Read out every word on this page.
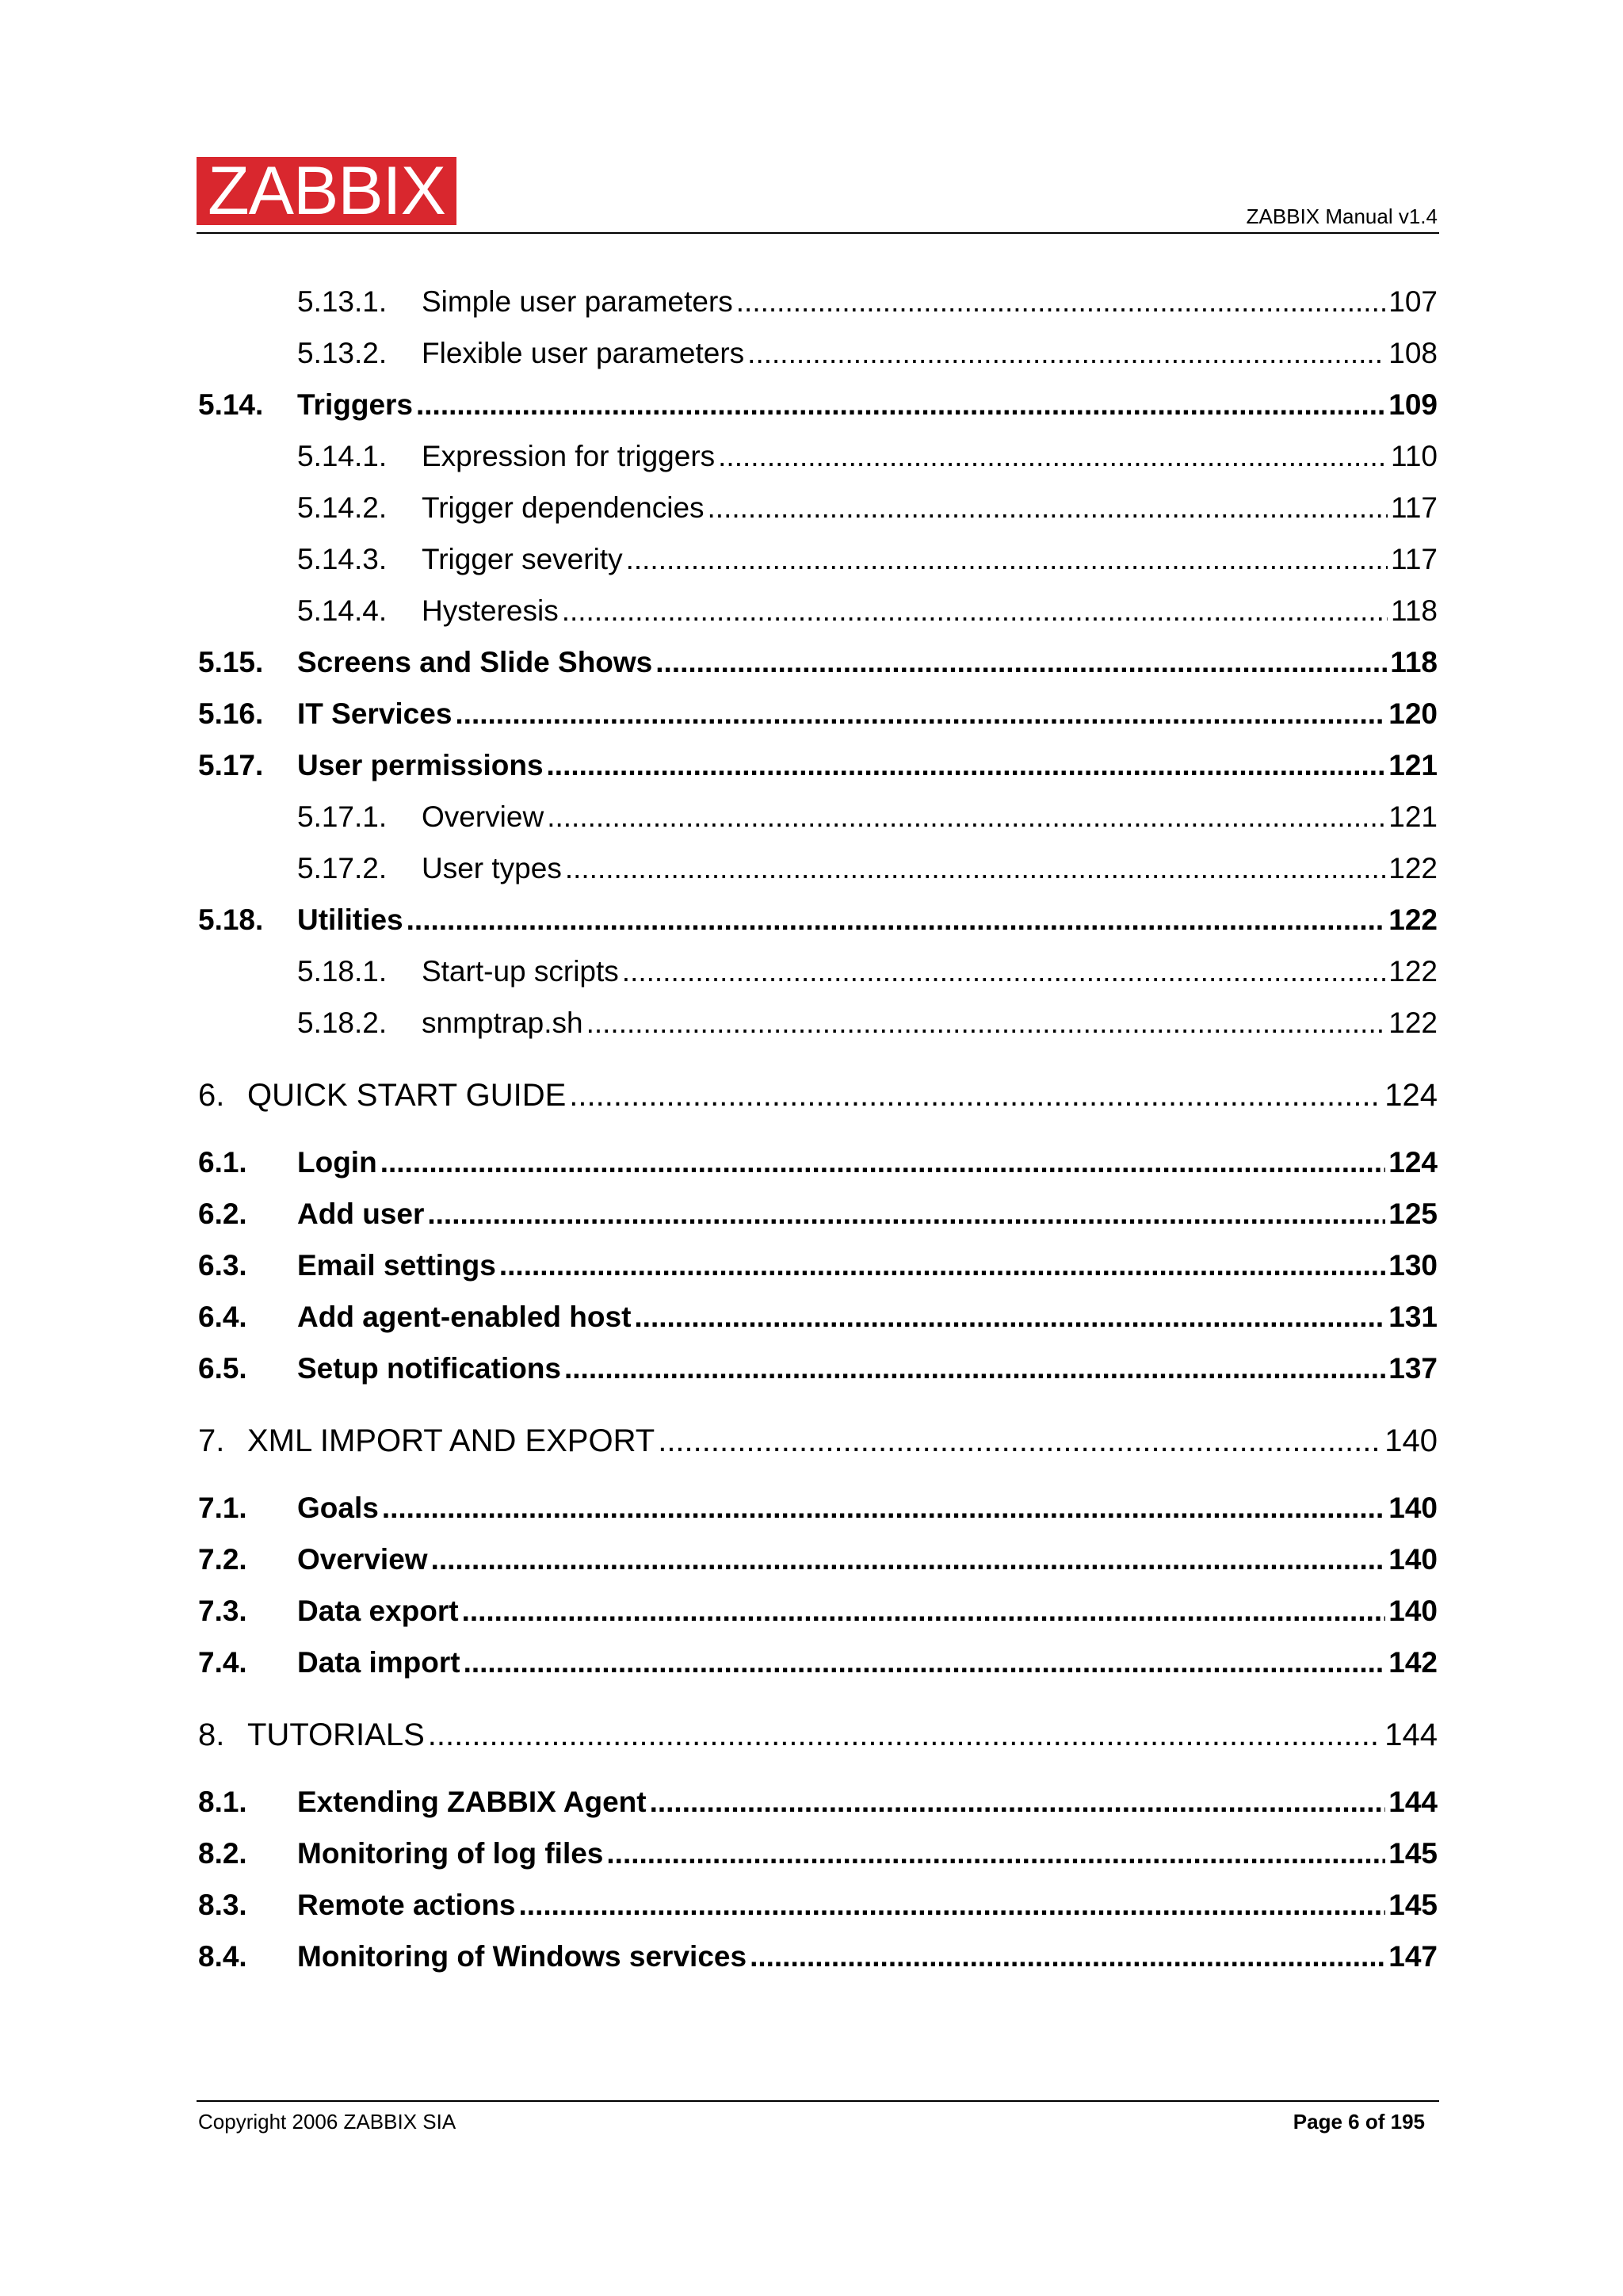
ZABBIX	ZABBIX Manual v1.4
5.13.1.	Simple user parameters .....	107
5.13.2.	Flexible user parameters .....	108
5.14.	Triggers .....	109
5.14.1.	Expression for triggers .....	110
5.14.2.	Trigger dependencies .....	117
5.14.3.	Trigger severity .....	117
5.14.4.	Hysteresis .....	118
5.15.	Screens and Slide Shows .....	118
5.16.	IT Services .....	120
5.17.	User permissions .....	121
5.17.1.	Overview .....	121
5.17.2.	User types .....	122
5.18.	Utilities .....	122
5.18.1.	Start-up scripts .....	122
5.18.2.	snmptrap.sh .....	122
6. QUICK START GUIDE .....	124
6.1.	Login .....	124
6.2.	Add user .....	125
6.3.	Email settings .....	130
6.4.	Add agent-enabled host .....	131
6.5.	Setup notifications .....	137
7. XML IMPORT AND EXPORT .....	140
7.1.	Goals .....	140
7.2.	Overview .....	140
7.3.	Data export .....	140
7.4.	Data import .....	142
8. TUTORIALS .....	144
8.1.	Extending ZABBIX Agent .....	144
8.2.	Monitoring of log files .....	145
8.3.	Remote actions .....	145
8.4.	Monitoring of Windows services .....	147
Copyright 2006 ZABBIX SIA	Page 6 of 195
